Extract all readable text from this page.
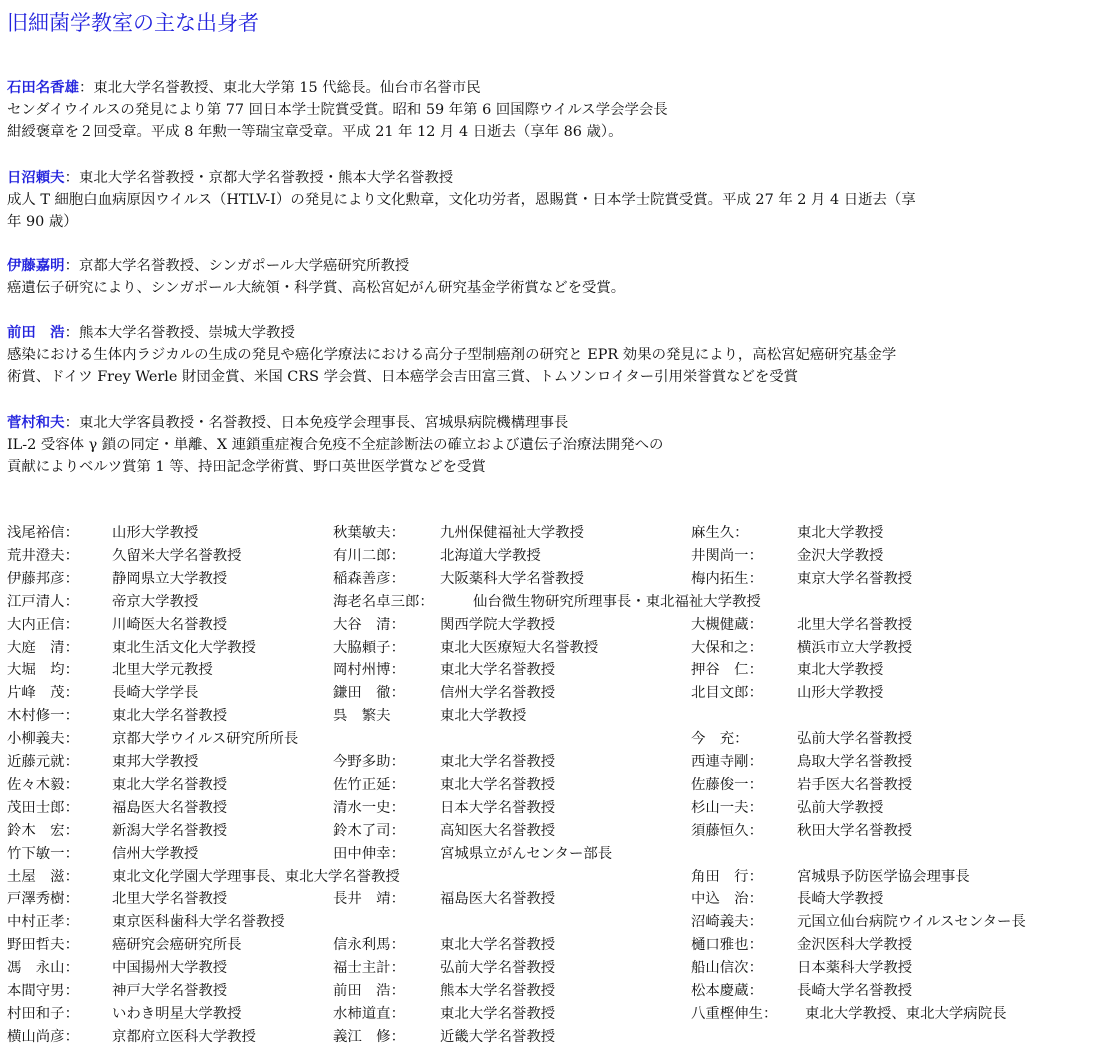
旧細菌学教室の主な出身者
石田名香雄：東北大学名誉教授、東北大学第 15 代総長。仙台市名誉市民
センダイウイルスの発見により第 77 回日本学士院賞受賞。昭和 59 年第 6 回国際ウイルス学会学会長
紺綬褒章を２回受章。平成 8 年勲一等瑞宝章受章。平成 21 年 12 月 4 日逝去（享年 86 歳）。
日沼頼夫：東北大学名誉教授・京都大学名誉教授・熊本大学名誉教授
成人 T 細胞白血病原因ウイルス（HTLV-I）の発見により文化勲章，文化功労者，恩賜賞・日本学士院賞受賞。平成 27 年 2 月 4 日逝去（享
年 90 歳）
伊藤嘉明：京都大学名誉教授、シンガポール大学癌研究所教授
癌遺伝子研究により、シンガポール大統領・科学賞、高松宮妃がん研究基金学術賞などを受賞。
前田　浩：熊本大学名誉教授、崇城大学教授
感染における生体内ラジカルの生成の発見や癌化学療法における高分子型制癌剤の研究と EPR 効果の発見により，高松宮妃癌研究基金学
術賞、ドイツ Frey Werle 財団金賞、米国 CRS 学会賞、日本癌学会吉田富三賞、トムソンロイター引用栄誉賞などを受賞
菅村和夫：東北大学客員教授・名誉教授、日本免疫学会理事長、宮城県病院機構理事長
IL-2 受容体 γ 鎖の同定・単離、X 連鎖重症複合免疫不全症診断法の確立および遺伝子治療法開発への
貢献によりベルツ賞第 1 等、持田記念学術賞、野口英世医学賞などを受賞
浅尾裕信： 山形大学教授	秋葉敏夫： 九州保健福祉大学教授	麻生久：	東北大学教授
荒井澄夫： 久留米大学名誉教授	有川二郎： 北海道大学教授	井関尚一： 金沢大学教授
伊藤邦彦： 静岡県立大学教授	稲森善彦： 大阪薬科大学名誉教授	梅内拓生： 東京大学名誉教授
江戸清人： 帝京大学教授	海老名卓三郎：	仙台微生物研究所理事長・東北福祉大学教授
大内正信： 川崎医大名誉教授	大谷　清： 関西学院大学教授	大槻健蔵： 北里大学名誉教授
大庭　清： 東北生活文化大学教授	大脇頼子： 東北大医療短大名誉教授	大保和之： 横浜市立大学教授
大堀　均： 北里大学元教授	岡村州博： 東北大学名誉教授	押谷　仁： 東北大学教授
片峰　茂： 長崎大学学長	鎌田　徹： 信州大学名誉教授	北目文郎： 山形大学教授
木村修一： 東北大学名誉教授	呉　繁夫	東北大学教授
小柳義夫： 京都大学ウイルス研究所所長	今　充：	弘前大学名誉教授
近藤元就： 東邦大学教授	今野多助： 東北大学名誉教授	西連寺剛： 鳥取大学名誉教授
佐々木毅： 東北大学名誉教授	佐竹正延： 東北大学名誉教授	佐藤俊一： 岩手医大名誉教授
茂田士郎： 福島医大名誉教授	清水一史： 日本大学名誉教授	杉山一夫： 弘前大学教授
鈴木　宏： 新潟大学名誉教授	鈴木了司： 高知医大名誉教授	須藤恒久： 秋田大学名誉教授
竹下敏一： 信州大学教授	田中伸幸： 宮城県立がんセンター部長
土屋　滋： 東北文化学園大学理事長、東北大学名誉教授	角田　行： 宮城県予防医学協会理事長
戸澤秀樹： 北里大学名誉教授	長井　靖： 福島医大名誉教授	中込　治： 長崎大学教授
中村正孝： 東京医科歯科大学名誉教授	沼崎義夫： 元国立仙台病院ウイルスセンター長
野田哲夫： 癌研究会癌研究所長	信永利馬： 東北大学名誉教授	樋口雅也： 金沢医科大学教授
馮　永山： 中国揚州大学教授	福士主計： 弘前大学名誉教授	船山信次： 日本薬科大学教授
本間守男： 神戸大学名誉教授	前田　浩： 熊本大学名誉教授	松本慶蔵： 長崎大学名誉教授
村田和子： いわき明星大学教授	水柿道直： 東北大学名誉教授	八重樫伸生： 東北大学教授、東北大学病院長
横山尚彦： 京都府立医科大学教授	義江　修： 近畿大学名誉教授
